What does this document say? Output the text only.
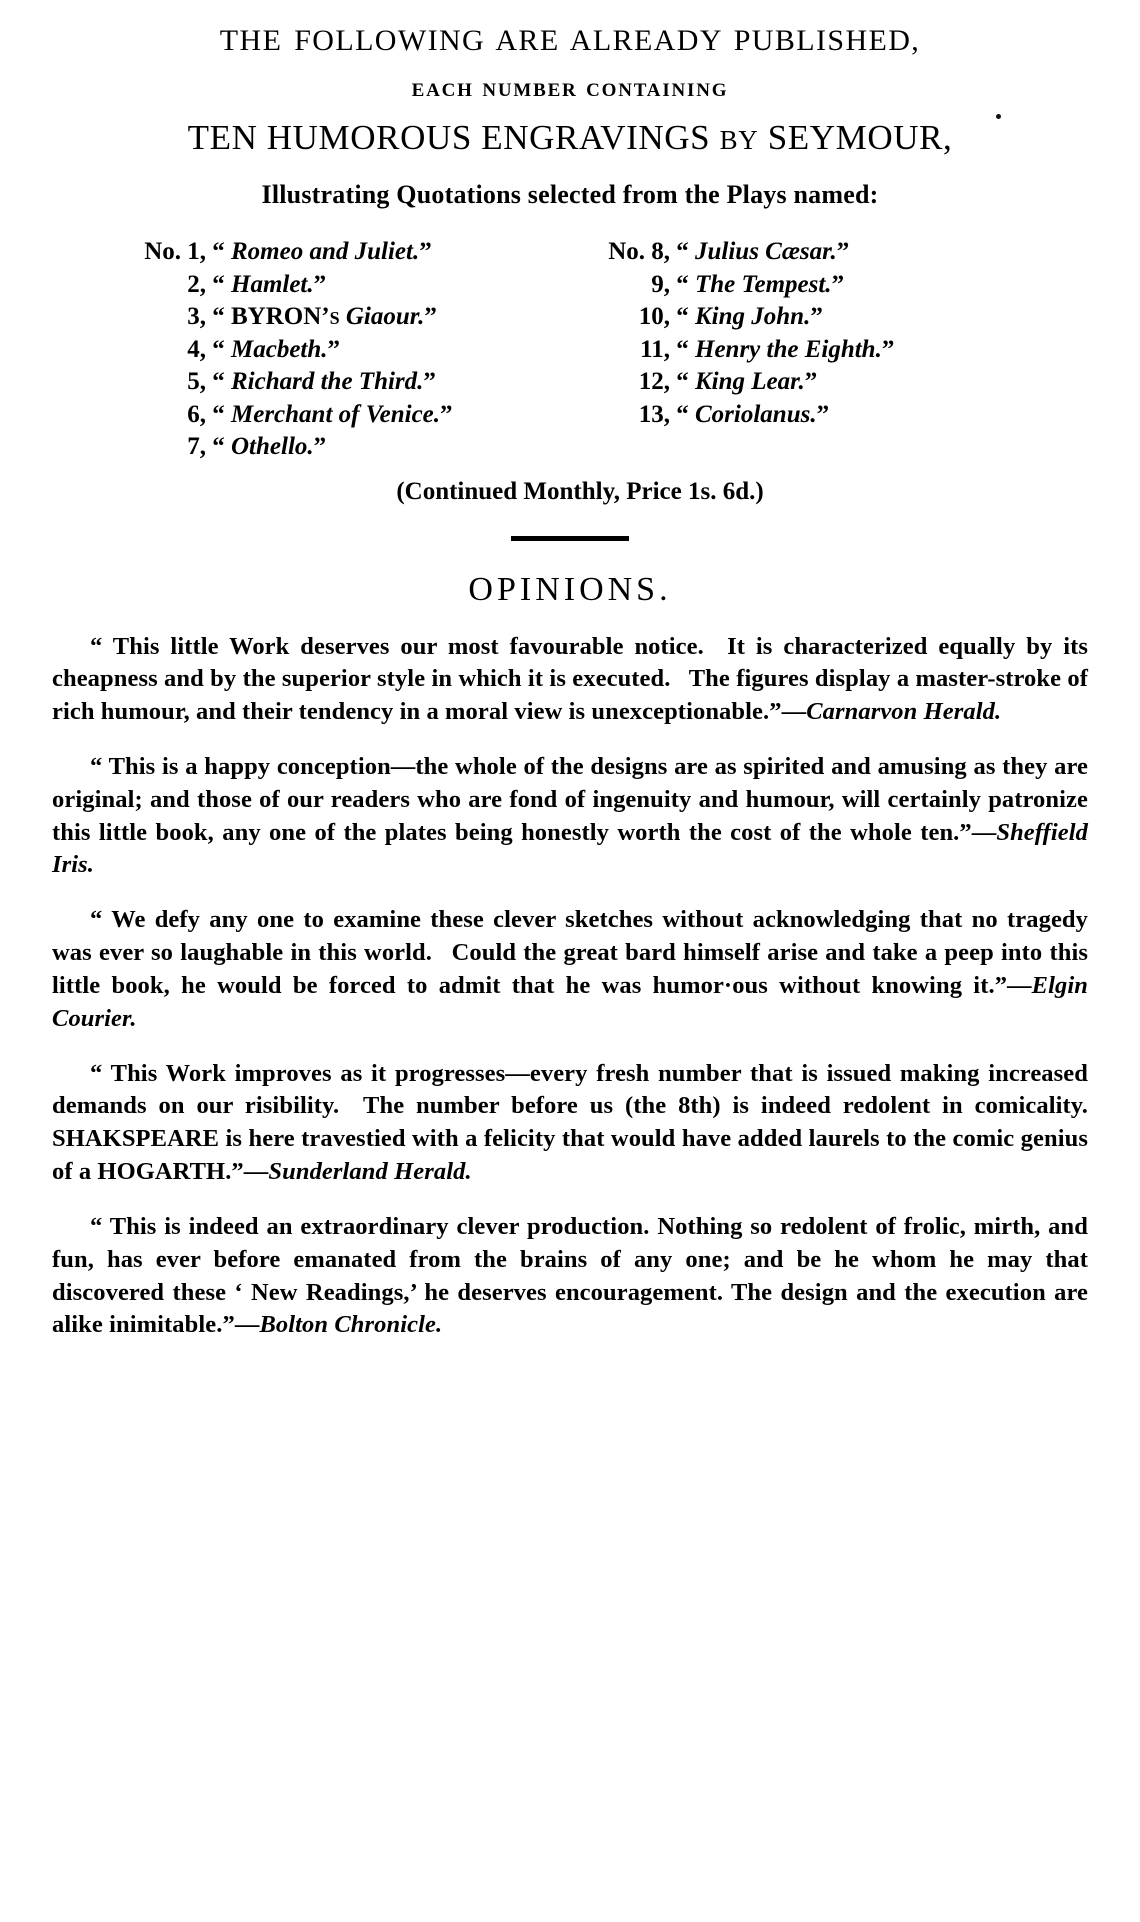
THE FOLLOWING ARE ALREADY PUBLISHED,
EACH NUMBER CONTAINING
TEN HUMOROUS ENGRAVINGS BY SEYMOUR,
Illustrating Quotations selected from the Plays named:
No. 1, “ Romeo and Juliet.”
2, “ Hamlet.”
3, “ BYRON’s Giaour.”
4, “ Macbeth.”
5, “ Richard the Third.”
6, “ Merchant of Venice.”
7, “ Othello.”
No. 8, “ Julius Cæsar.”
9, “ The Tempest.”
10, “ King John.”
11, “ Henry the Eighth.”
12, “ King Lear.”
13, “ Coriolanus.”
(Continued Monthly, Price 1s. 6d.)
OPINIONS.

“ This little Work deserves our most favourable notice.  It is characterized equally by its cheapness and by the superior style in which it is executed.  The figures display a master-stroke of rich humour, and their tendency in a moral view is unexceptionable.”—Carnarvon Herald.

“ This is a happy conception—the whole of the designs are as spirited and amusing as they are original; and those of our readers who are fond of ingenuity and humour, will certainly patronize this little book, any one of the plates being honestly worth the cost of the whole ten.”—Sheffield Iris.

“ We defy any one to examine these clever sketches without acknowledging that no tragedy was ever so laughable in this world.  Could the great bard himself arise and take a peep into this little book, he would be forced to admit that he was humor·ous without knowing it.”—Elgin Courier.

“ This Work improves as it progresses—every fresh number that is issued making increased demands on our risibility.  The number before us (the 8th) is indeed redolent in comicality. SHAKSPEARE is here travestied with a felicity that would have added laurels to the comic genius of a HOGARTH.”—Sunderland Herald.

“ This is indeed an extraordinary clever production. Nothing so redolent of frolic, mirth, and fun, has ever before emanated from the brains of any one; and be he whom he may that discovered these ‘ New Readings,’ he deserves encouragement. The design and the execution are alike inimitable.”—Bolton Chronicle.
